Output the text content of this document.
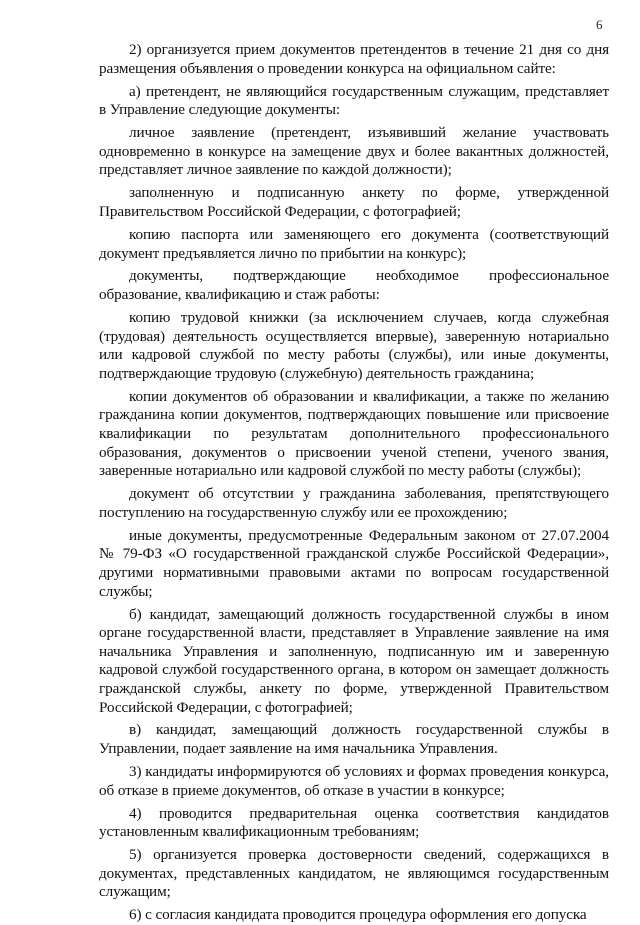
6

2) организуется прием документов претендентов в течение 21 дня со дня размещения объявления о проведении конкурса на официальном сайте:

а) претендент, не являющийся государственным служащим, представляет в Управление следующие документы:

личное заявление (претендент, изъявивший желание участвовать одновременно в конкурсе на замещение двух и более вакантных должностей, представляет личное заявление по каждой должности);

заполненную и подписанную анкету по форме, утвержденной Правительством Российской Федерации, с фотографией;

копию паспорта или заменяющего его документа (соответствующий документ предъявляется лично по прибытии на конкурс);

документы, подтверждающие необходимое профессиональное образование, квалификацию и стаж работы:

копию трудовой книжки (за исключением случаев, когда служебная (трудовая) деятельность осуществляется впервые), заверенную нотариально или кадровой службой по месту работы (службы), или иные документы, подтверждающие трудовую (служебную) деятельность гражданина;

копии документов об образовании и квалификации, а также по желанию гражданина копии документов, подтверждающих повышение или присвоение квалификации по результатам дополнительного профессионального образования, документов о присвоении ученой степени, ученого звания, заверенные нотариально или кадровой службой по месту работы (службы);

документ об отсутствии у гражданина заболевания, препятствующего поступлению на государственную службу или ее прохождению;

иные документы, предусмотренные Федеральным законом от 27.07.2004 № 79-ФЗ «О государственной гражданской службе Российской Федерации», другими нормативными правовыми актами по вопросам государственной службы;

б) кандидат, замещающий должность государственной службы в ином органе государственной власти, представляет в Управление заявление на имя начальника Управления и заполненную, подписанную им и заверенную кадровой службой государственного органа, в котором он замещает должность гражданской службы, анкету по форме, утвержденной Правительством Российской Федерации, с фотографией;

в) кандидат, замещающий должность государственной службы в Управлении, подает заявление на имя начальника Управления.

3) кандидаты информируются об условиях и формах проведения конкурса, об отказе в приеме документов, об отказе в участии в конкурсе;

4) проводится предварительная оценка соответствия кандидатов установленным квалификационным требованиям;

5) организуется проверка достоверности сведений, содержащихся в документах, представленных кандидатом, не являющимся государственным служащим;

6) с согласия кандидата проводится процедура оформления его допуска
